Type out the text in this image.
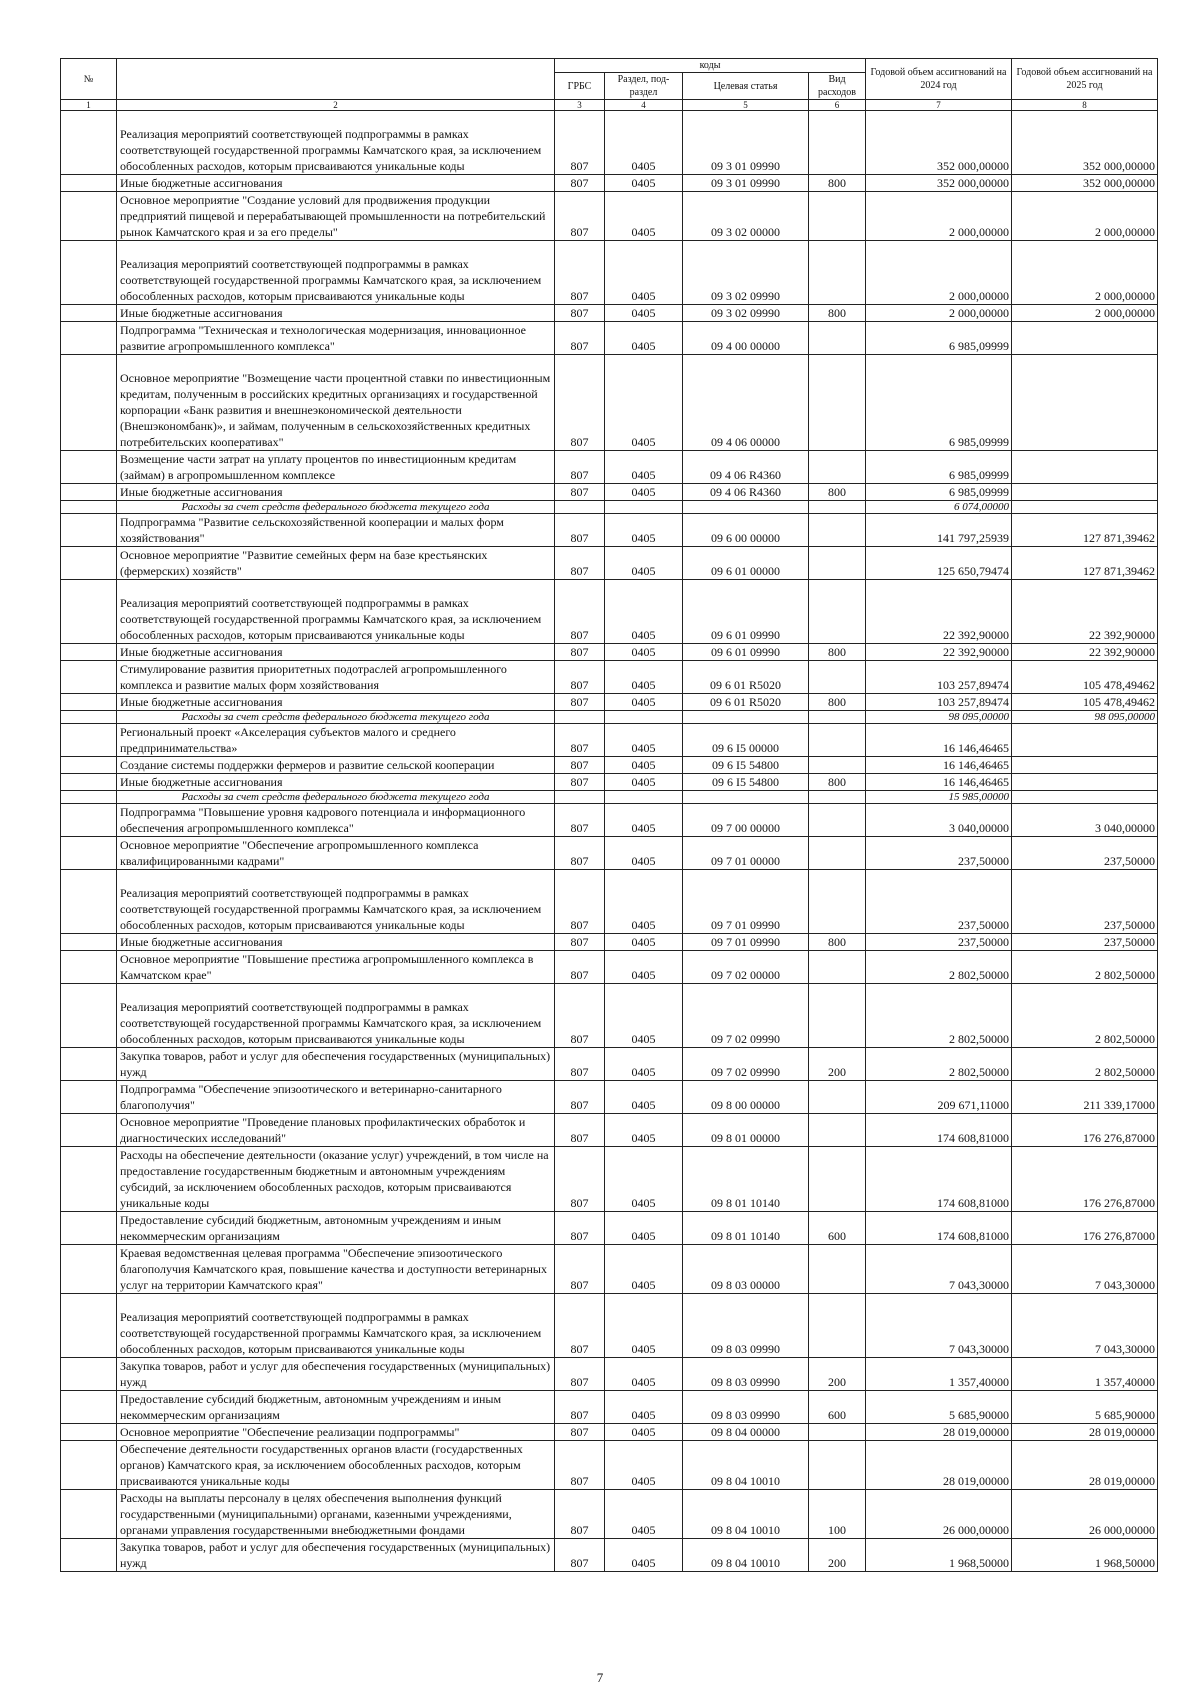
№		коды				Годовой объем ассигнований на 2024 год	Годовой объем ассигнований на 2025 год
		ГРБС	Раздел, под-раздел	Целевая статья	Вид расходов		
1	2	3	4	5	6	7	8
	Реализация мероприятий соответствующей подпрограммы в рамках соответствующей государственной программы Камчатского края, за исключением обособленных расходов, которым присваиваются уникальные коды	807	0405	09 3 01 09990		352 000,00000	352 000,00000
	Иные бюджетные ассигнования	807	0405	09 3 01 09990	800	352 000,00000	352 000,00000
	Основное мероприятие "Создание условий для продвижения продукции предприятий пищевой и перерабатывающей промышленности на потребительский рынок Камчатского края и за его пределы"	807	0405	09 3 02 00000		2 000,00000	2 000,00000
	Реализация мероприятий соответствующей подпрограммы в рамках соответствующей государственной программы Камчатского края, за исключением обособленных расходов, которым присваиваются уникальные коды	807	0405	09 3 02 09990		2 000,00000	2 000,00000
	Иные бюджетные ассигнования	807	0405	09 3 02 09990	800	2 000,00000	2 000,00000
	Подпрограмма "Техническая и технологическая модернизация, инновационное развитие агропромышленного комплекса"	807	0405	09 4 00 00000		6 985,09999	
	Основное мероприятие "Возмещение части процентной ставки по инвестиционным кредитам, полученным в российских кредитных организациях и государственной корпорации «Банк развития и внешнеэкономической деятельности (Внешэкономбанк)», и займам, полученным в сельскохозяйственных кредитных потребительских кооперативах"	807	0405	09 4 06 00000		6 985,09999	
	Возмещение части затрат на уплату процентов по инвестиционным кредитам (займам) в агропромышленном комплексе	807	0405	09 4 06 R4360		6 985,09999	
	Иные бюджетные ассигнования	807	0405	09 4 06 R4360	800	6 985,09999	
	Расходы за счет средств федерального бюджета текущего года					6 074,00000	
	Подпрограмма "Развитие сельскохозяйственной кооперации и малых форм хозяйствования"	807	0405	09 6 00 00000		141 797,25939	127 871,39462
	Основное мероприятие "Развитие семейных ферм на базе крестьянских (фермерских) хозяйств"	807	0405	09 6 01 00000		125 650,79474	127 871,39462
	Реализация мероприятий соответствующей подпрограммы в рамках соответствующей государственной программы Камчатского края, за исключением обособленных расходов, которым присваиваются уникальные коды	807	0405	09 6 01 09990		22 392,90000	22 392,90000
	Иные бюджетные ассигнования	807	0405	09 6 01 09990	800	22 392,90000	22 392,90000
	Стимулирование развития приоритетных подотраслей агропромышленного комплекса и развитие малых форм хозяйствования	807	0405	09 6 01 R5020		103 257,89474	105 478,49462
	Иные бюджетные ассигнования	807	0405	09 6 01 R5020	800	103 257,89474	105 478,49462
	Расходы за счет средств федерального бюджета текущего года					98 095,00000	98 095,00000
	Региональный проект «Акселерация субъектов малого и среднего предпринимательства»	807	0405	09 6 I5 00000		16 146,46465	
	Создание системы поддержки фермеров и развитие сельской кооперации	807	0405	09 6 I5 54800		16 146,46465	
	Иные бюджетные ассигнования	807	0405	09 6 I5 54800	800	16 146,46465	
	Расходы за счет средств федерального бюджета текущего года					15 985,00000	
	Подпрограмма "Повышение уровня кадрового потенциала и информационного обеспечения агропромышленного комплекса"	807	0405	09 7 00 00000		3 040,00000	3 040,00000
	Основное мероприятие "Обеспечение агропромышленного комплекса квалифицированными кадрами"	807	0405	09 7 01 00000		237,50000	237,50000
	Реализация мероприятий соответствующей подпрограммы в рамках соответствующей государственной программы Камчатского края, за исключением обособленных расходов, которым присваиваются уникальные коды	807	0405	09 7 01 09990		237,50000	237,50000
	Иные бюджетные ассигнования	807	0405	09 7 01 09990	800	237,50000	237,50000
	Основное мероприятие "Повышение престижа агропромышленного комплекса в Камчатском крае"	807	0405	09 7 02 00000		2 802,50000	2 802,50000
	Реализация мероприятий соответствующей подпрограммы в рамках соответствующей государственной программы Камчатского края, за исключением обособленных расходов, которым присваиваются уникальные коды	807	0405	09 7 02 09990		2 802,50000	2 802,50000
	Закупка товаров, работ и услуг для обеспечения государственных (муниципальных) нужд	807	0405	09 7 02 09990	200	2 802,50000	2 802,50000
	Подпрограмма "Обеспечение эпизоотического и ветеринарно-санитарного благополучия"	807	0405	09 8 00 00000		209 671,11000	211 339,17000
	Основное мероприятие "Проведение плановых профилактических обработок и диагностических исследований"	807	0405	09 8 01 00000		174 608,81000	176 276,87000
	Расходы на обеспечение деятельности (оказание услуг) учреждений, в том числе на предоставление государственным бюджетным и автономным учреждениям субсидий, за исключением обособленных расходов, которым присваиваются уникальные коды	807	0405	09 8 01 10140		174 608,81000	176 276,87000
	Предоставление субсидий бюджетным, автономным учреждениям и иным некоммерческим организациям	807	0405	09 8 01 10140	600	174 608,81000	176 276,87000
	Краевая ведомственная целевая программа "Обеспечение эпизоотического благополучия Камчатского края, повышение качества и доступности ветеринарных услуг на территории Камчатского края"	807	0405	09 8 03 00000		7 043,30000	7 043,30000
	Реализация мероприятий соответствующей подпрограммы в рамках соответствующей государственной программы Камчатского края, за исключением обособленных расходов, которым присваиваются уникальные коды	807	0405	09 8 03 09990		7 043,30000	7 043,30000
	Закупка товаров, работ и услуг для обеспечения государственных (муниципальных) нужд	807	0405	09 8 03 09990	200	1 357,40000	1 357,40000
	Предоставление субсидий бюджетным, автономным учреждениям и иным некоммерческим организациям	807	0405	09 8 03 09990	600	5 685,90000	5 685,90000
	Основное мероприятие "Обеспечение реализации подпрограммы"	807	0405	09 8 04 00000		28 019,00000	28 019,00000
	Обеспечение деятельности государственных органов власти (государственных органов) Камчатского края, за исключением обособленных расходов, которым присваиваются уникальные коды	807	0405	09 8 04 10010		28 019,00000	28 019,00000
	Расходы на выплаты персоналу в целях обеспечения выполнения функций государственными (муниципальными) органами, казенными учреждениями, органами управления государственными внебюджетными фондами	807	0405	09 8 04 10010	100	26 000,00000	26 000,00000
	Закупка товаров, работ и услуг для обеспечения государственных (муниципальных) нужд	807	0405	09 8 04 10010	200	1 968,50000	1 968,50000
7
